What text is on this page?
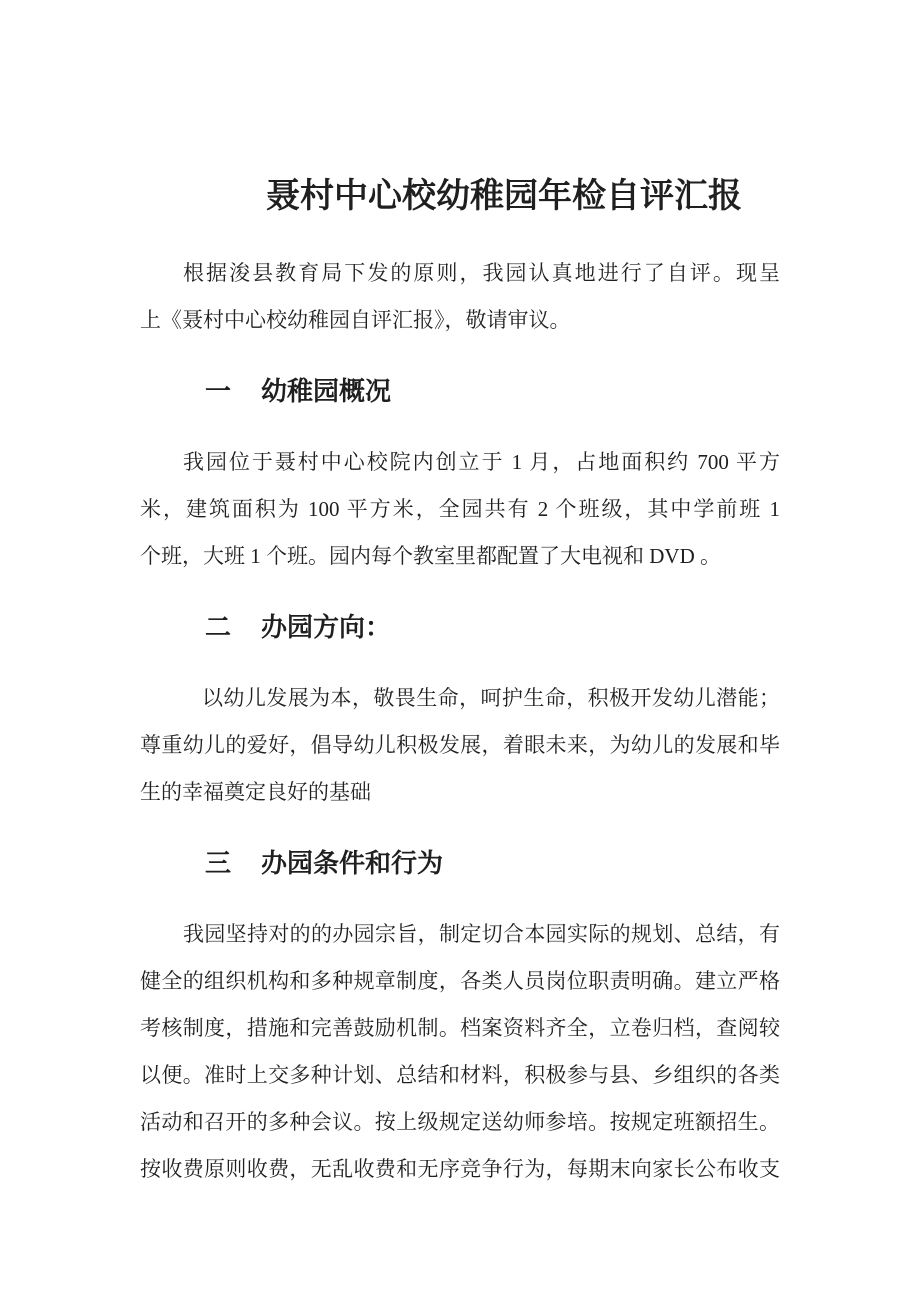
聂村中心校幼稚园年检自评汇报
根据浚县教育局下发的原则，我园认真地进行了自评。现呈
上《聂村中心校幼稚园自评汇报》，敬请审议。
一 幼稚园概况
我园位于聂村中心校院内创立于 1 月，占地面积约 700 平方
米，建筑面积为 100 平方米，全园共有 2 个班级，其中学前班 1
个班，大班 1 个班。园内每个教室里都配置了大电视和 DVD 。
二 办园方向：
以幼儿发展为本，敬畏生命，呵护生命，积极开发幼儿潜能；
尊重幼儿的爱好，倡导幼儿积极发展，着眼未来，为幼儿的发展和毕
生的幸福奠定良好的基础
三 办园条件和行为
我园坚持对的的办园宗旨，制定切合本园实际的规划、总结，有
健全的组织机构和多种规章制度，各类人员岗位职责明确。建立严格
考核制度，措施和完善鼓励机制。档案资料齐全，立卷归档，查阅较
以便。准时上交多种计划、总结和材料，积极参与县、乡组织的各类
活动和召开的多种会议。按上级规定送幼师参培。按规定班额招生。
按收费原则收费，无乱收费和无序竞争行为，每期末向家长公布收支
